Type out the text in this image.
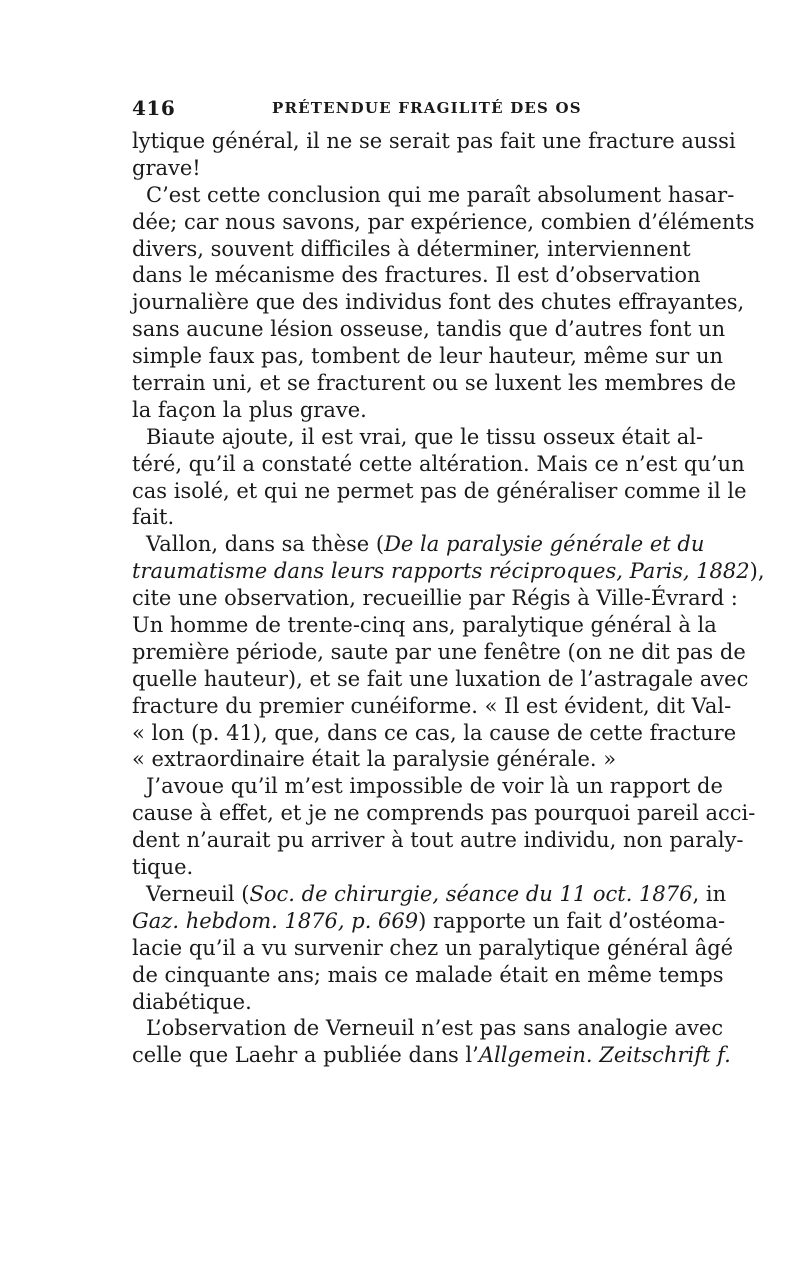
416	PRÉTENDUE FRAGILITÉ DES OS
lytique général, il ne se serait pas fait une fracture aussi
grave!
C’est cette conclusion qui me paraît absolument hasar-
dée; car nous savons, par expérience, combien d’éléments
divers, souvent difficiles à déterminer, interviennent
dans le mécanisme des fractures. Il est d’observation
journalière que des individus font des chutes effrayantes,
sans aucune lésion osseuse, tandis que d’autres font un
simple faux pas, tombent de leur hauteur, même sur un
terrain uni, et se fracturent ou se luxent les membres de
la façon la plus grave.
Biaute ajoute, il est vrai, que le tissu osseux était al-
téré, qu’il a constaté cette altération. Mais ce n’est qu’un
cas isolé, et qui ne permet pas de généraliser comme il le
fait.
Vallon, dans sa thèse (De la paralysie générale et du
traumatisme dans leurs rapports réciproques, Paris, 1882),
cite une observation, recueillie par Régis à Ville-Évrard :
Un homme de trente-cinq ans, paralytique général à la
première période, saute par une fenêtre (on ne dit pas de
quelle hauteur), et se fait une luxation de l’astragale avec
fracture du premier cunéiforme. « Il est évident, dit Val-
« lon (p. 41), que, dans ce cas, la cause de cette fracture
« extraordinaire était la paralysie générale. »
J’avoue qu’il m’est impossible de voir là un rapport de
cause à effet, et je ne comprends pas pourquoi pareil acci-
dent n’aurait pu arriver à tout autre individu, non paraly-
tique.
Verneuil (Soc. de chirurgie, séance du 11 oct. 1876, in
Gaz. hebdom. 1876, p. 669) rapporte un fait d’ostéoma-
lacie qu’il a vu survenir chez un paralytique général âgé
de cinquante ans; mais ce malade était en même temps
diabétique.
L’observation de Verneuil n’est pas sans analogie avec
celle que Laehr a publiée dans l’Allgemein. Zeitschrift f.
